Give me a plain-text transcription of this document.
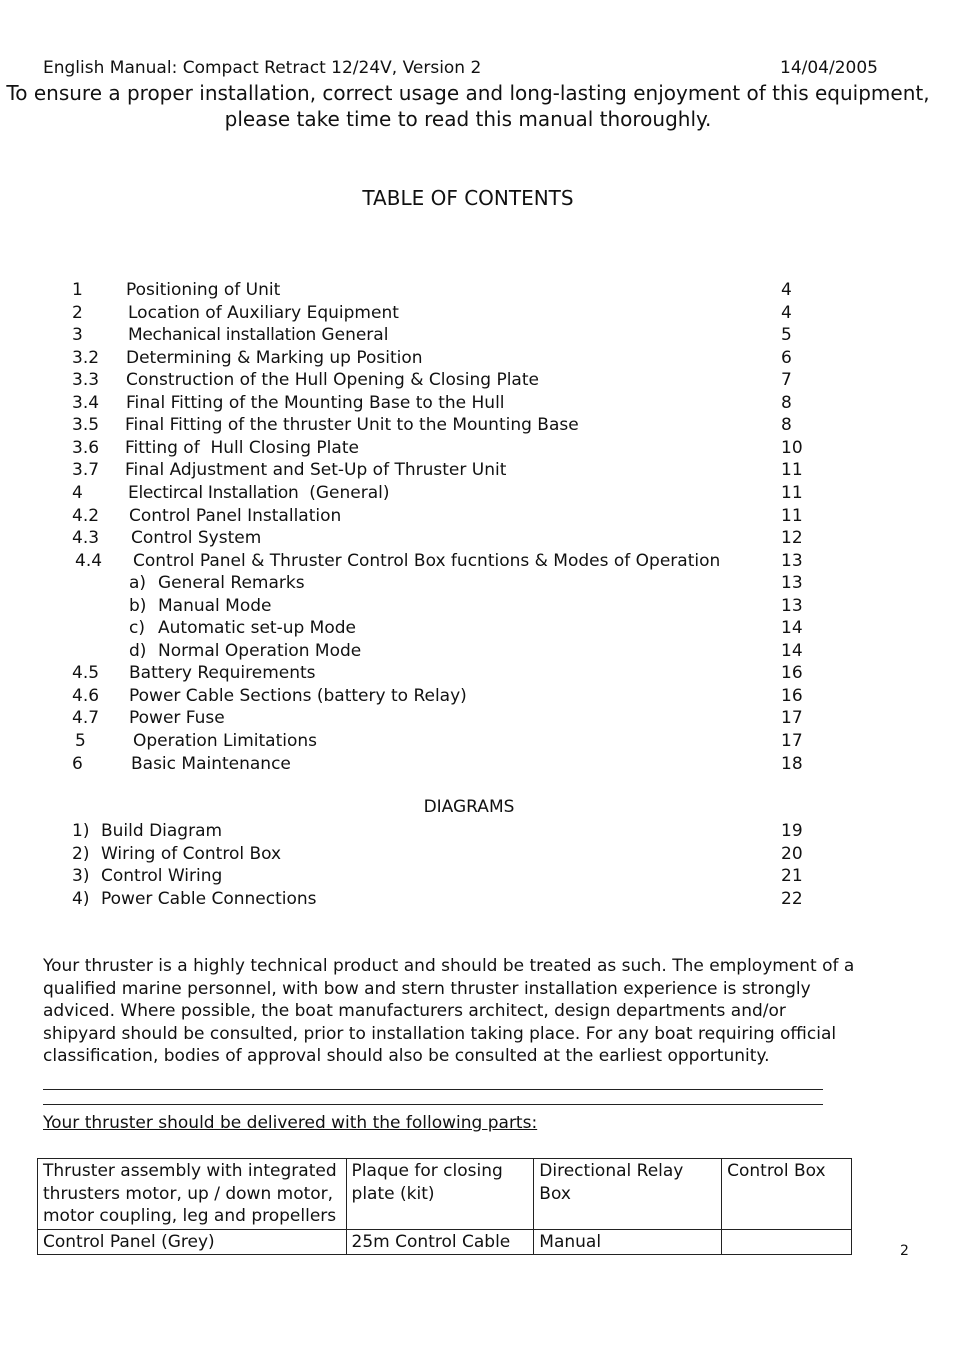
English Manual: Compact Retract 12/24V, Version 2	14/04/2005
To ensure a proper installation, correct usage and long-lasting enjoyment of this equipment, please take time to read this manual thoroughly.
TABLE OF CONTENTS
1	Positioning of Unit	4
2	Location of Auxiliary Equipment	4
3	Mechanical installation General	5
3.2 Determining & Marking up Position	6
3.3 Construction of the Hull Opening & Closing Plate	7
3.4 Final Fitting of the Mounting Base to the Hull	8
3.5 Final Fitting of the thruster Unit to the Mounting Base	8
3.6 Fitting of  Hull Closing Plate	10
3.7 Final Adjustment and Set-Up of Thruster Unit	11
4	Electircal Installation  (General)	11
4.2 Control Panel Installation	11
4.3 Control System	12
4.4 Control Panel & Thruster Control Box fucntions & Modes of Operation	13
a) General Remarks	13
b) Manual Mode	13
c) Automatic set-up Mode	14
d) Normal Operation Mode	14
4.5 Battery Requirements	16
4.6 Power Cable Sections (battery to Relay)	16
4.7 Power Fuse	17
5	Operation Limitations	17
6	Basic Maintenance	18
DIAGRAMS
1) Build Diagram	19
2) Wiring of Control Box	20
3) Control Wiring	21
4) Power Cable Connections	22
Your thruster is a highly technical product and should be treated as such. The employment of a qualified marine personnel, with bow and stern thruster installation experience is strongly adviced. Where possible, the boat manufacturers architect, design departments and/or shipyard should be consulted, prior to installation taking place. For any boat requiring official classification, bodies of approval should also be consulted at the earliest opportunity.
Your thruster should be delivered with the following parts:
Thruster assembly with integrated thrusters motor, up / down motor, motor coupling, leg and propellers	Plaque for closing plate (kit)	Directional Relay Box	Control Box
Control Panel (Grey)	25m Control Cable	Manual		2
